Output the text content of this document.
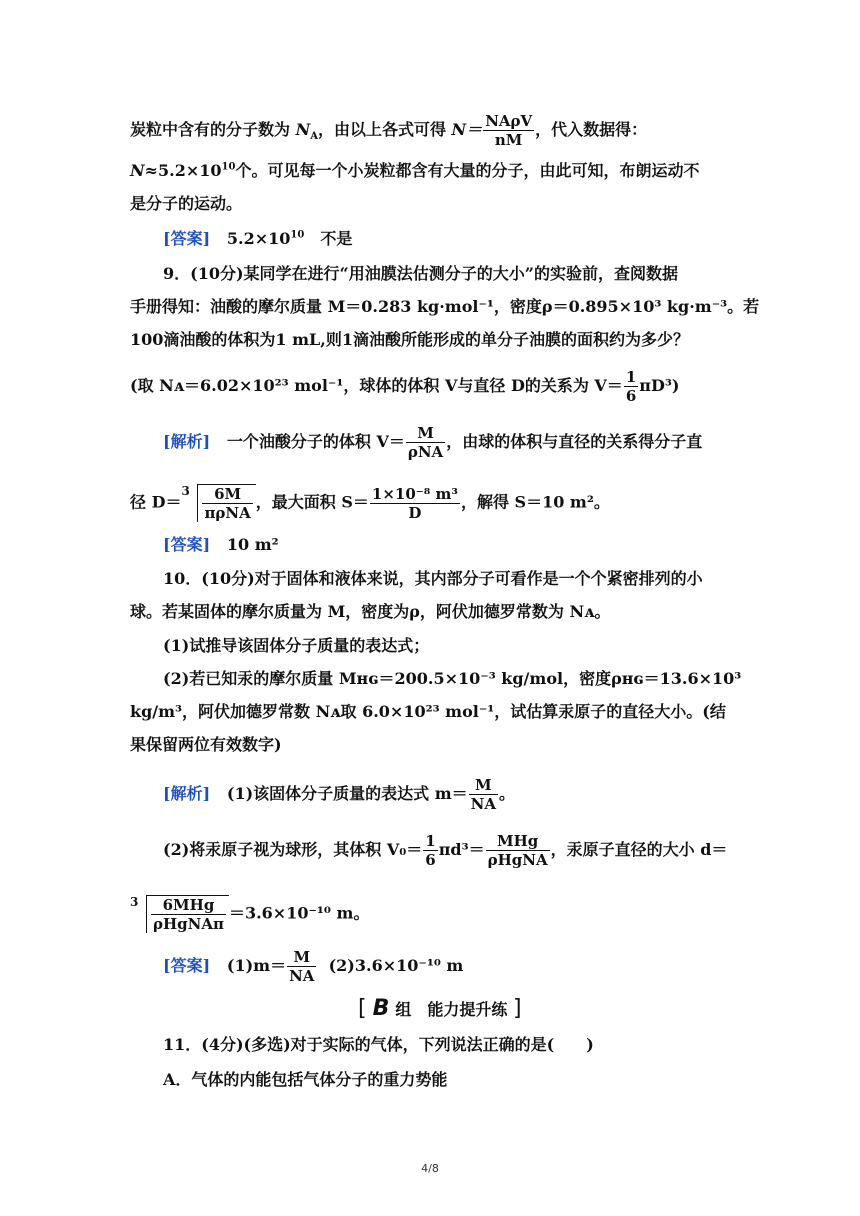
炭粒中含有的分子数为 $N_A$，由以上各式可得 $N= \frac{\text{NAρV}}{nM}$ ，代入数据得：
$N\approx 5.2\times 10^{10}$个。可见每一个小炭粒都含有大量的分子，由此可知，布朗运动不
是分子的运动。
[答案] $5.2\times 10^{10}$　不是
9．(10分)某同学在进行“用油膜法估测分子的大小”的实验前，查阅数据
手册得知：油酸的摩尔质量 M＝0.283 kg·mol⁻¹，密度ρ＝0.895×10³ kg·m⁻³。若
100滴油酸的体积为1 mL,则1滴油酸所能形成的单分子油膜的面积约为多少？
(取 Nᴀ＝6.02×10²³ mol⁻¹，球体的体积 V与直径 D的关系为 $V= \frac{1}{6} \pi D^3$)
[解析] 一个油酸分子的体积 $V= \frac{M}{\text{ρNA}}$ ，由球的体积与直径的关系得分子直
径 D＝
$3 \frac{6M}{\text{πρNA}}$ ，最大面积 $S= \frac{\text{1×10⁻⁸ m³}}{D}$ ，解得 S＝10 m²。
[答案] 10 m²
10．(10分)对于固体和液体来说，其内部分子可看作是一个个紧密排列的小
球。若某固体的摩尔质量为 M，密度为ρ，阿伏加德罗常数为 Nᴀ。
(1)试推导该固体分子质量的表达式；
(2)若已知汞的摩尔质量 Mʜɢ＝200.5×10⁻³ kg/mol，密度ρʜɢ＝13.6×10³
kg/m³，阿伏加德罗常数 Nᴀ取 6.0×10²³ mol⁻¹，试估算汞原子的直径大小。(结
果保留两位有效数字)
[解析] (1)该固体分子质量的表达式 $m= \frac{M}{NA}$ 。
(2)将汞原子视为球形，其体积 $V_0= \frac{1}{6} \pi d^3= \frac{\text{MHg}}{\text{ρHgNA}}$ ，汞原子直径的大小 d＝
$3 \frac{\text{6MHg}}{\text{ρHgNAπ}} =3.6\times 10^{-10}$ m。
[答案] $(1)m= \frac{M}{NA} (2)3.6\times 10^{-10}$ m
[ B 组　能力提升练 ]
11．(4分)(多选)对于实际的气体，下列说法正确的是(　　)
A．气体的内能包括气体分子的重力势能
4/8
